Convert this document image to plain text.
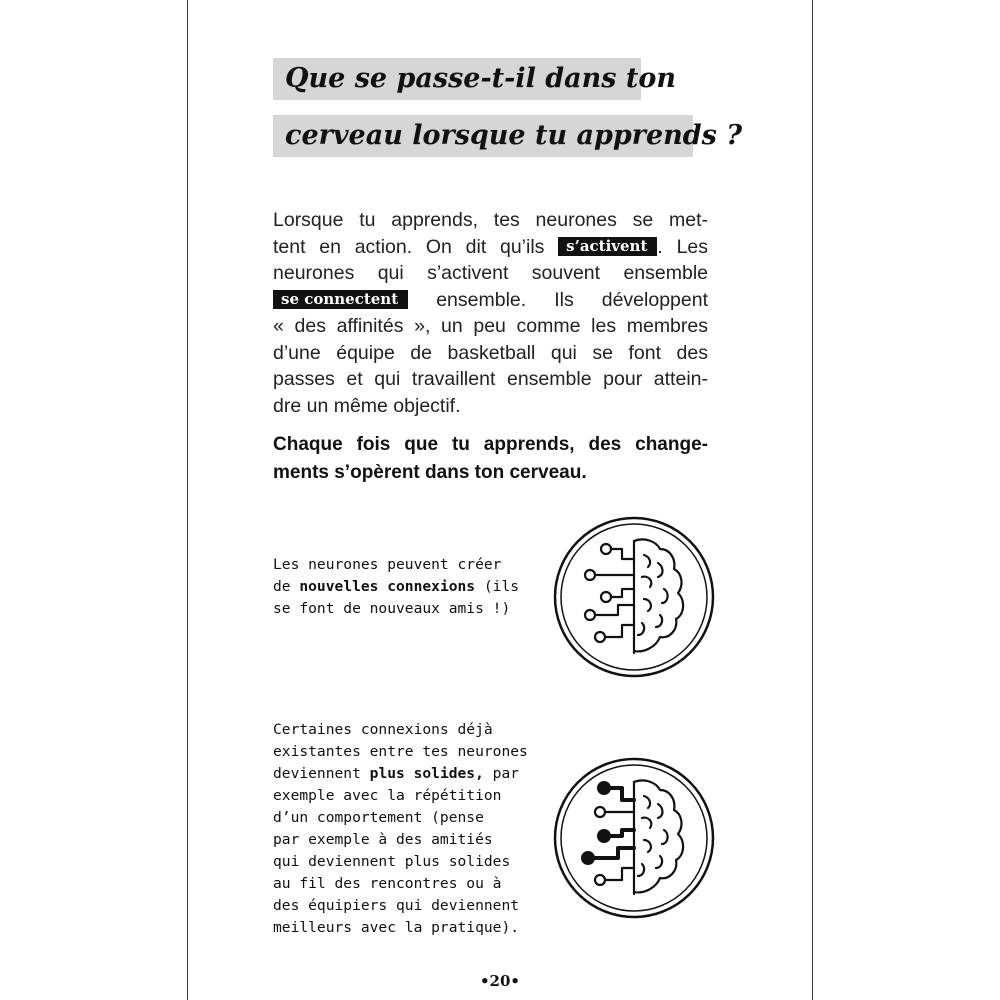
Que se passe-t-il dans ton
cerveau lorsque tu apprends ?
Lorsque tu apprends, tes neurones se met-
tent en action. On dit qu’ils s’activent . Les
neurones qui s’activent souvent ensemble
se connectent ensemble. Ils développent
« des affinités », un peu comme les membres
d’une équipe de basketball qui se font des
passes et qui travaillent ensemble pour attein-
dre un même objectif.
Chaque fois que tu apprends, des change-
ments s’opèrent dans ton cerveau.
Les neurones peuvent créer
de nouvelles connexions (ils
se font de nouveaux amis !)
Certaines connexions déjà
existantes entre tes neurones
deviennent plus solides, par
exemple avec la répétition
d’un comportement (pense
par exemple à des amitiés
qui deviennent plus solides
au fil des rencontres ou à
des équipiers qui deviennent
meilleurs avec la pratique).
•20•
